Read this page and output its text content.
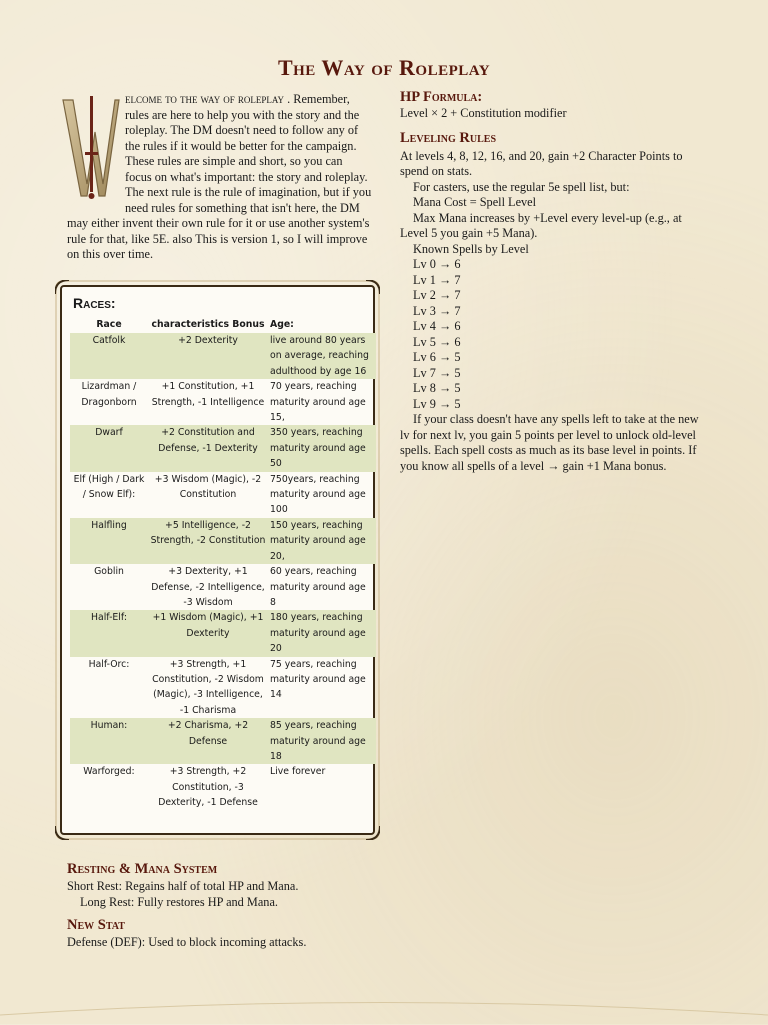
The Way of Roleplay
elcome to the way of roleplay . Remember, rules are here to help you with the story and the roleplay. The DM doesn't need to follow any of the rules if it would be better for the campaign. These rules are simple and short, so you can focus on what's important: the story and roleplay. The next rule is the rule of imagination, but if you need rules for something that isn't here, the DM may either invent their own rule for it or use another system's rule for that, like 5E. also This is version 1, so I will improve on this over time.
HP Formula:

Level × 2 + Constitution modifier

Leveling Rules

At levels 4, 8, 12, 16, and 20, gain +2 Character Points to spend on stats.

For casters, use the regular 5e spell list, but:

Mana Cost = Spell Level

Max Mana increases by +Level every level-up (e.g., at Level 5 you gain +5 Mana).

Known Spells by Level

Lv 0 → 6
Lv 1 → 7
Lv 2 → 7
Lv 3 → 7
Lv 4 → 6
Lv 5 → 6
Lv 6 → 5
Lv 7 → 5
Lv 8 → 5
Lv 9 → 5

If your class doesn't have any spells left to take at the new lv for next lv, you gain 5 points per level to unlock old-level spells. Each spell costs as much as its base level in points. If you know all spells of a level → gain +1 Mana bonus.

Races:
Race	characteristics Bonus	Age:
Catfolk	+2 Dexterity	live around 80 years on average, reaching adulthood by age 16
Lizardman / Dragonborn	+1 Constitution, +1 Strength, -1 Intelligence	70 years, reaching maturity around age 15,
Dwarf	+2 Constitution and Defense, -1 Dexterity	350 years, reaching maturity around age 50
Elf (High / Dark / Snow Elf):	+3 Wisdom (Magic), -2 Constitution	750years, reaching maturity around age 100
Halfling	+5 Intelligence, -2 Strength, -2 Constitution	150 years, reaching maturity around age 20,
Goblin	+3 Dexterity, +1 Defense, -2 Intelligence, -3 Wisdom	60 years, reaching maturity around age 8
Half-Elf:	+1 Wisdom (Magic), +1 Dexterity	180 years, reaching maturity around age 20
Half-Orc:	+3 Strength, +1 Constitution, -2 Wisdom (Magic), -3 Intelligence, -1 Charisma	75 years, reaching maturity around age 14
Human:	+2 Charisma, +2 Defense	85 years, reaching maturity around age 18
Warforged:	+3 Strength, +2 Constitution, -3 Dexterity, -1 Defense	Live forever
Resting & Mana System

Short Rest: Regains half of total HP and Mana.

Long Rest: Fully restores HP and Mana.

New Stat

Defense (DEF): Used to block incoming attacks.
